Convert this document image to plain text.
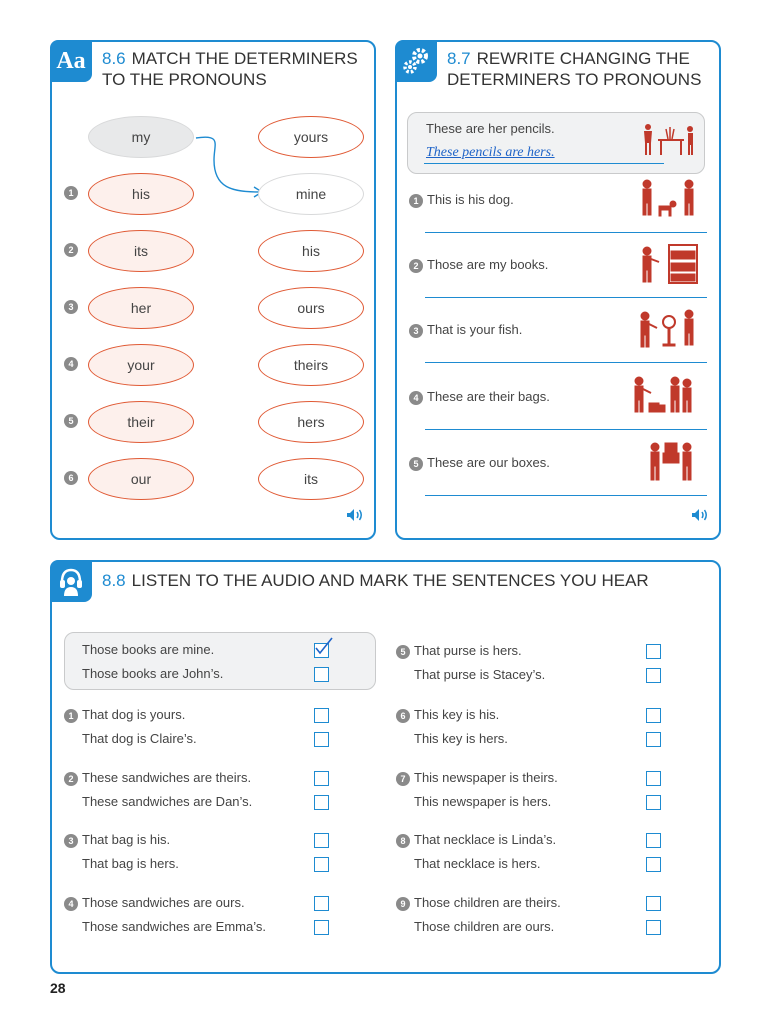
Aa 8.6 MATCH THE DETERMINERS
TO THE PRONOUNS
my
his
its
her
your
their
our
yours
mine
his
ours
theirs
hers
its
1
2
3
4
5
6
8.7 REWRITE CHANGING THE
DETERMINERS TO PRONOUNS
These are her pencils.
These pencils are hers.
1 This is his dog.
2 Those are my books.
3 That is your fish.
4 These are their bags.
5 These are our boxes.
8.8 LISTEN TO THE AUDIO AND MARK THE SENTENCES YOU HEAR
Those books are mine.
Those books are John’s.
1 That dog is yours.
That dog is Claire’s.
2 These sandwiches are theirs.
These sandwiches are Dan’s.
3 That bag is his.
That bag is hers.
4 Those sandwiches are ours.
Those sandwiches are Emma’s.
5 That purse is hers.
That purse is Stacey’s.
6 This key is his.
This key is hers.
7 This newspaper is theirs.
This newspaper is hers.
8 That necklace is Linda’s.
That necklace is hers.
9 Those children are theirs.
Those children are ours.
28
